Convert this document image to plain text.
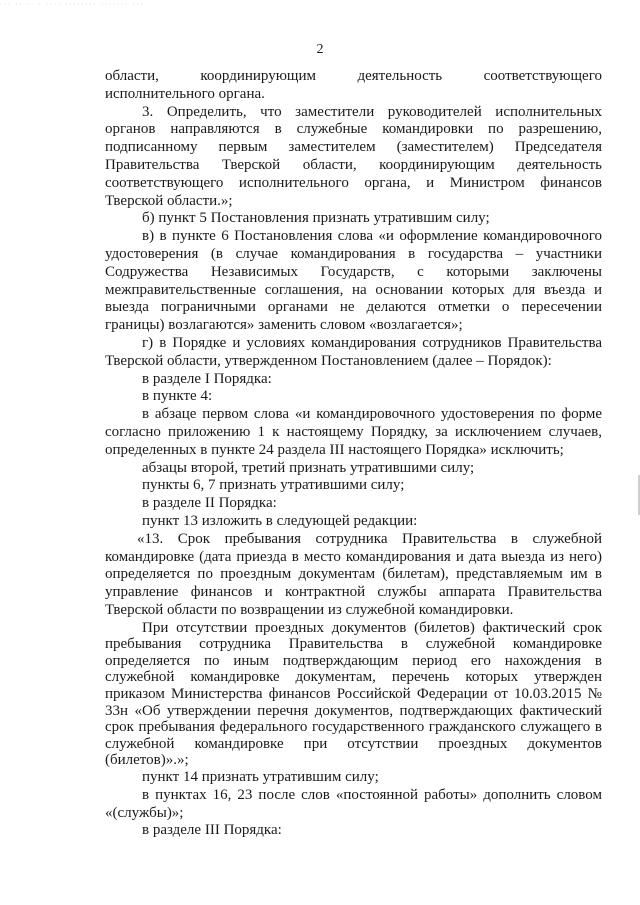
··· ·· ·· · ···· ········ ······· ···
2

области, координирующим деятельность соответствующего исполнительного органа.

3. Определить, что заместители руководителей исполнительных органов направляются в служебные командировки по разрешению, подписанному первым заместителем (заместителем) Председателя Правительства Тверской области, координирующим деятельность соответствующего исполнительного органа, и Министром финансов Тверской области.»;

б) пункт 5 Постановления признать утратившим силу;

в) в пункте 6 Постановления слова «и оформление командировочного удостоверения (в случае командирования в государства – участники Содружества Независимых Государств, с которыми заключены межправительственные соглашения, на основании которых для въезда и выезда пограничными органами не делаются отметки о пересечении границы) возлагаются» заменить словом «возлагается»;

г) в Порядке и условиях командирования сотрудников Правительства Тверской области, утвержденном Постановлением (далее – Порядок):

в разделе I Порядка:

в пункте 4:

в абзаце первом слова «и командировочного удостоверения по форме согласно приложению 1 к настоящему Порядку, за исключением случаев, определенных в пункте 24 раздела III настоящего Порядка» исключить;

абзацы второй, третий признать утратившими силу;

пункты 6, 7 признать утратившими силу;

в разделе II Порядка:

пункт 13 изложить в следующей редакции:

«13. Срок пребывания сотрудника Правительства в служебной командировке (дата приезда в место командирования и дата выезда из него) определяется по проездным документам (билетам), представляемым им в управление финансов и контрактной службы аппарата Правительства Тверской области по возвращении из служебной командировки.

При отсутствии проездных документов (билетов) фактический срок пребывания сотрудника Правительства в служебной командировке определяется по иным подтверждающим период его нахождения в служебной командировке документам, перечень которых утвержден приказом Министерства финансов Российской Федерации от 10.03.2015 № 33н «Об утверждении перечня документов, подтверждающих фактический срок пребывания федерального государственного гражданского служащего в служебной командировке при отсутствии проездных документов (билетов)».»;

пункт 14 признать утратившим силу;

в пунктах 16, 23 после слов «постоянной работы» дополнить словом «(службы)»;

в разделе III Порядка:
